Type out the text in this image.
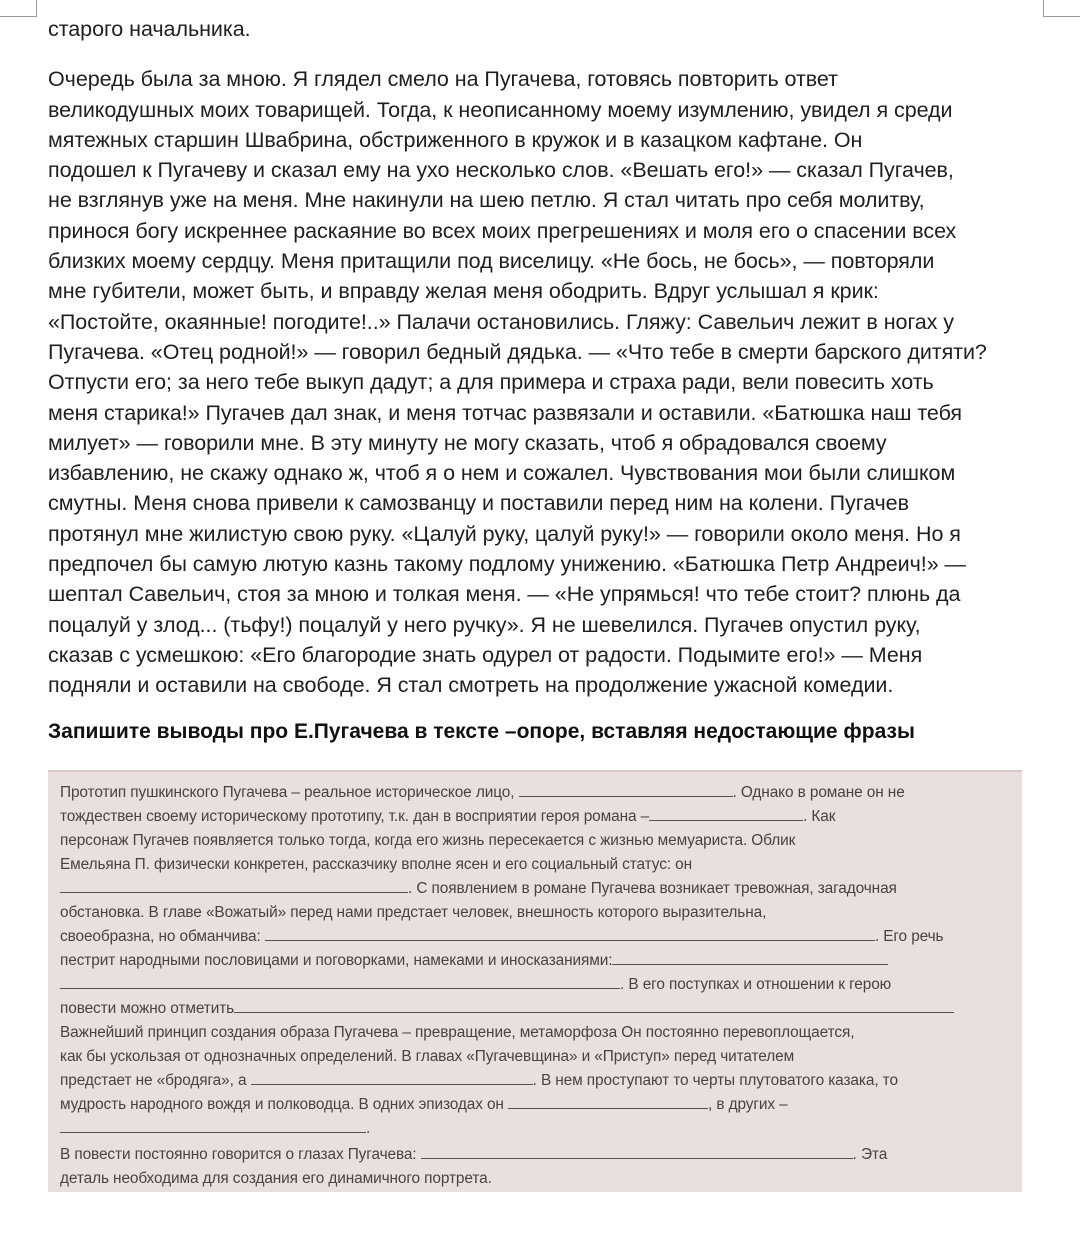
старого начальника.

Очередь была за мною. Я глядел смело на Пугачева, готовясь повторить ответ
великодушных моих товарищей. Тогда, к неописанному моему изумлению, увидел я среди
мятежных старшин Швабрина, обстриженного в кружок и в казацком кафтане. Он
подошел к Пугачеву и сказал ему на ухо несколько слов. «Вешать его!» — сказал Пугачев,
не взглянув уже на меня. Мне накинули на шею петлю. Я стал читать про себя молитву,
принося богу искреннее раскаяние во всех моих прегрешениях и моля его о спасении всех
близких моему сердцу. Меня притащили под виселицу. «Не бось, не бось», — повторяли
мне губители, может быть, и вправду желая меня ободрить. Вдруг услышал я крик:
«Постойте, окаянные! погодите!..» Палачи остановились. Гляжу: Савельич лежит в ногах у
Пугачева. «Отец родной!» — говорил бедный дядька. — «Что тебе в смерти барского дитяти?
Отпусти его; за него тебе выкуп дадут; а для примера и страха ради, вели повесить хоть
меня старика!» Пугачев дал знак, и меня тотчас развязали и оставили. «Батюшка наш тебя
милует» — говорили мне. В эту минуту не могу сказать, чтоб я обрадовался своему
избавлению, не скажу однако ж, чтоб я о нем и сожалел. Чувствования мои были слишком
смутны. Меня снова привели к самозванцу и поставили перед ним на колени. Пугачев
протянул мне жилистую свою руку. «Цалуй руку, цалуй руку!» — говорили около меня. Но я
предпочел бы самую лютую казнь такому подлому унижению. «Батюшка Петр Андреич!» —
шептал Савельич, стоя за мною и толкая меня. — «Не упрямься! что тебе стоит? плюнь да
поцалуй у злод... (тьфу!) поцалуй у него ручку». Я не шевелился. Пугачев опустил руку,
сказав с усмешкою: «Его благородие знать одурел от радости. Подымите его!» — Меня
подняли и оставили на свободе. Я стал смотреть на продолжение ужасной комедии.

Запишите выводы про Е.Пугачева в тексте –опоре, вставляя недостающие фразы
Прототип пушкинского Пугачева – реальное историческое лицо,	. Однако в романе он не
тождествен своему историческому прототипу, т.к. дан в восприятии героя романа –	. Как
персонаж Пугачев появляется только тогда, когда его жизнь пересекается с жизнью мемуариста. Облик
Емельяна П. физически конкретен, рассказчику вполне ясен и его социальный статус: он
. С появлением в романе Пугачева возникает тревожная, загадочная
обстановка. В главе «Вожатый» перед нами предстает человек, внешность которого выразительна,
своеобразна, но обманчива:	. Его речь
пестрит народными пословицами и поговорками, намеками и иносказаниями:
. В его поступках и отношении к герою
повести можно отметить
Важнейший принцип создания образа Пугачева – превращение, метаморфоза Он постоянно перевоплощается,
как бы ускользая от однозначных определений. В главах «Пугачевщина» и «Приступ» перед читателем
предстает не «бродяга», а	. В нем проступают то черты плутоватого казака, то
мудрость народного вождя и полководца. В одних эпизодах он	, в других –
.
В повести постоянно говорится о глазах Пугачева:	. Эта
деталь необходима для создания его динамичного портрета.
